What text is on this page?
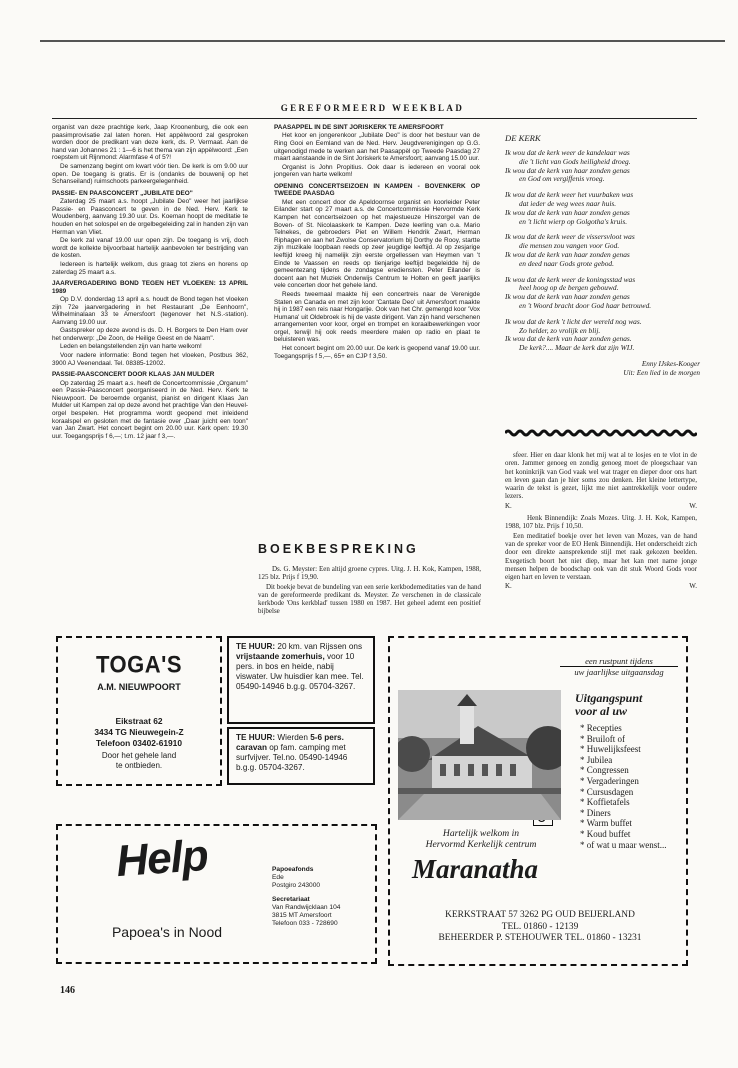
GEREFORMEERD WEEKBLAD

organist van deze prachtige kerk, Jaap Kroonenburg, die ook een paasimprovisatie zal laten horen. Het appèlwoord zal gesproken worden door de predikant van deze kerk, ds. P. Vermaat. Aan de hand van Johannes 21 : 1—6 is het thema van zijn appèlwoord: „Een roepstem uit Rijnmond: Alarmfase 4 of 5?!

De samenzang begint om kwart vóór tien. De kerk is om 9.00 uur open. De toegang is gratis. Er is (ondanks de bouwenij op het Schanseiland) ruimschoots parkeergelegenheid.

PASSIE- EN PAASCONCERT „JUBILATE DEO"

Zaterdag 25 maart a.s. hoopt „Jubilate Deo" weer het jaarlijkse Passie- en Paasconcert te geven in de Ned. Herv. Kerk te Woudenberg, aanvang 19.30 uur. Ds. Koeman hoopt de meditatie te houden en het solospel en de orgelbegeleiding zal in handen zijn van Herman van Vliet.

De kerk zal vanaf 19.00 uur open zijn. De toegang is vrij, doch wordt de kollekte bijvoorbaat hartelijk aanbevolen ter bestrijding van de kosten.

Iedereen is hartelijk welkom, dus graag tot ziens en horens op zaterdag 25 maart a.s.

JAARVERGADERING BOND TEGEN HET VLOEKEN: 13 APRIL 1989

Op D.V. donderdag 13 april a.s. houdt de Bond tegen het vloeken zijn 72e jaarvergadering in het Restaurant „De Eenhoorn", Wilhelminalaan 33 te Amersfoort (tegenover het N.S.-station). Aanvang 19.00 uur.

Gastspreker op deze avond is ds. D. H. Borgers te Den Ham over het onderwerp: „De Zoon, de Heilige Geest en de Naam".

Leden en belangstellenden zijn van harte welkom!

Voor nadere informatie: Bond tegen het vloeken, Postbus 362, 3900 AJ Veenendaal. Tel. 08385-12002.

PASSIE-PAASCONCERT DOOR KLAAS JAN MULDER

Op zaterdag 25 maart a.s. heeft de Concertcommissie „Organum" een Passie-Paasconcert georganiseerd in de Ned. Herv. Kerk te Nieuwpoort. De beroemde organist, pianist en dirigent Klaas Jan Mulder uit Kampen zal op deze avond het prachtige Van den Heuvel-orgel bespelen. Het programma wordt geopend met inleidend koraalspel en gesloten met de fantasie over „Daar juicht een toon" van Jan Zwart. Het concert begint om 20.00 uur. Kerk open: 19.30 uur. Toegangsprijs f 6,—; t.m. 12 jaar f 3,—.

PAASAPPEL IN DE SINT JORISKERK TE AMERSFOORT

Het koor en jongerenkoor „Jubilate Deo" is door het bestuur van de Ring Gooi en Eemland van de Ned. Herv. Jeugdverenigingen op G.G. uitgenodigd mede te werken aan het Paasappèl op Tweede Paasdag 27 maart aanstaande in de Sint Joriskerk te Amersfoort; aanvang 15.00 uur.

Organist is John Propitius. Ook daar is iedereen en vooral ook jongeren van harte welkom!

OPENING CONCERTSEIZOEN IN KAMPEN - BOVENKERK OP TWEEDE PAASDAG

Met een concert door de Apeldoornse organist en koorleider Peter Eilander start op 27 maart a.s. de Concertcommissie Hervormde Kerk Kampen het concertseizoen op het majestueuze Hinszorgel van de Boven- of St. Nicolaaskerk te Kampen. Deze leerling van o.a. Mario Telnekes, de gebroeders Piet en Willem Hendrik Zwart, Herman Riphagen en aan het Zwolse Conservatorium bij Dorthy de Rooy, startte zijn muzikale loopbaan reeds op zeer jeugdige leeftijd. Al op zesjarige leeftijd kreeg hij namelijk zijn eerste orgellessen van Heymen van 't Einde te Vaassen en reeds op tienjarige leeftijd begeleidde hij de gemeentezang tijdens de zondagse erediensten. Peter Eilander is docent aan het Muziek Onderwijs Centrum te Holten en geeft jaarlijks vele concerten door het gehele land.

Reeds tweemaal maakte hij een concertreis naar de Verenigde Staten en Canada en met zijn koor 'Cantate Deo' uit Amersfoort maakte hij in 1987 een reis naar Hongarije. Ook van het Chr. gemengd koor 'Vox Humana' uit Oldebroek is hij de vaste dirigent. Van zijn hand verschenen arrangementen voor koor, orgel en trompet en koraalbewerkingen voor orgel, terwijl hij ook reeds meerdere malen op radio en plaat te beluisteren was.

Het concert begint om 20.00 uur. De kerk is geopend vanaf 19.00 uur. Toegangsprijs f 5,—, 65+ en CJP f 3,50.

DE KERK
Ik wou dat de kerk weer de kandelaar was
die 't licht van Gods heiligheid droeg.
Ik wou dat de kerk van haar zonden genas
en God om vergiffenis vroeg.
Ik wou dat de kerk weer het vuurbaken was
dat ieder de weg wees naar huis.
Ik wou dat de kerk van haar zonden genas
en 't licht wierp op Golgotha's kruis.
Ik wou dat de kerk weer de vissersvloot was
die mensen zou vangen voor God.
Ik wou dat de kerk van haar zonden genas
en deed naar Gods grote gebod.
Ik wou dat de kerk weer de koningsstad was
heel hoog op de bergen gebouwd.
Ik wou dat de kerk van haar zonden genas
en 't Woord bracht door God haar betrouwd.
Ik wou dat de kerk 't licht der wereld nog was.
Zo helder, zo vrolijk en blij.
Ik wou dat de kerk van haar zonden genas.
De kerk?.... Maar de kerk dat zijn WIJ.
Enny IJskes-Kooger
Uit: Een lied in de morgen
BOEKBESPREKING

Ds. G. Meyster: Een altijd groene cypres. Uitg. J. H. Kok, Kampen, 1988, 125 blz. Prijs f 19,90.

Dit boekje bevat de bundeling van een serie kerkbodemeditaties van de hand van de gereformeerde predikant ds. Meyster. Ze verschenen in de classicale kerkbode 'Ons kerkblad' tussen 1980 en 1987. Het geheel ademt een positief bijbelse

sfeer. Hier en daar klonk het mij wat al te losjes en te vlot in de oren. Jammer genoeg en zondig genoeg moet de ploegschaar van het koninkrijk van God vaak wel wat trager en dieper door ons hart en leven gaan dan je hier soms zou denken. Het kleine lettertype, waarin de tekst is gezet, lijkt me niet aantrekkelijk voor oudere lezers.

K.	W.

Henk Binnendijk: Zoals Mozes. Uitg. J. H. Kok, Kampen, 1988, 107 blz. Prijs f 10,50.

Een meditatief boekje over het leven van Mozes, van de hand van de spreker voor de EO Henk Binnendijk. Het onderscheidt zich door een direkte aansprekende stijl met raak gekozen beelden. Exegetisch boort het niet diep, maar het kan met name jonge mensen helpen de boodschap ook van dit stuk Woord Gods voor eigen hart en leven te verstaan.

K.	W.
TOGA'S
A.M. NIEUWPOORT
Eikstraat 62
3434 TG Nieuwegein-Z
Telefoon 03402-61910
Door het gehele land
te ontbieden.
TE HUUR: 20 km. van Rijssen ons vrijstaande zomerhuis, voor 10 pers. in bos en heide, nabij viswater. Uw huisdier kan mee. Tel. 05490-14946 b.g.g. 05704-3267.
TE HUUR: Wierden 5-6 pers. caravan op fam. camping met surfvijver. Tel.no. 05490-14946 b.g.g. 05704-3267.
Help
Papoea's in Nood
Papoeafonds
Ede
Postgiro 243000
Secretariaat
Van Randwijcklaan 104
3815 MT Amersfoort
Telefoon 033 - 728690
een rustpunt tijdens
uw jaarlijkse uitgaansdag
Uitgangspunt
voor al uw
* Recepties
* Bruiloft of
* Huwelijksfeest
* Jubilea
* Congressen
* Vergaderingen
* Cursusdagen
* Koffietafels
* Diners
* Warm buffet
* Koud buffet
* of wat u maar wenst...
Hartelijk welkom in
Hervormd Kerkelijk centrum
Maranatha
KERKSTRAAT 57 3262 PG OUD BEIJERLAND
TEL. 01860 - 12139
BEHEERDER P. STEHOUWER TEL. 01860 - 13231
146
